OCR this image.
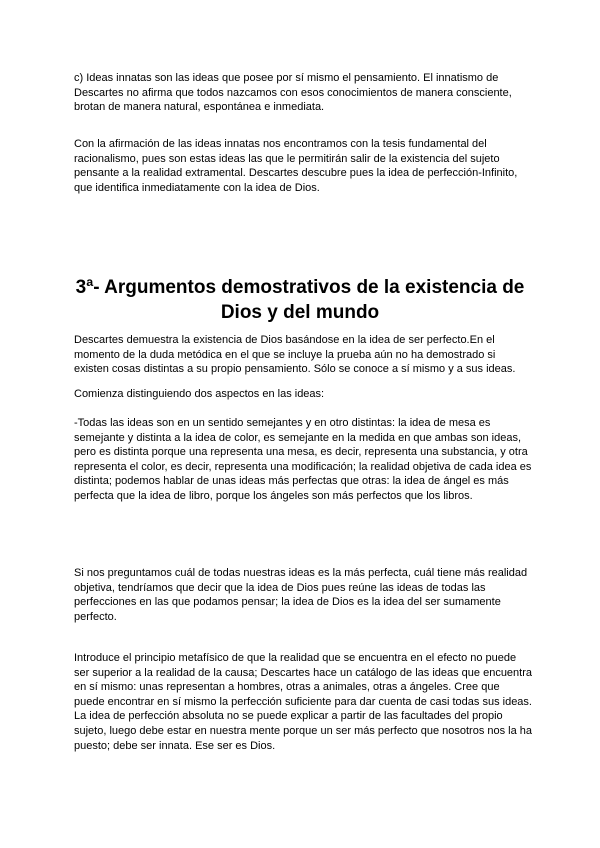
c) Ideas innatas son las ideas que posee por sí mismo el pensamiento. El innatismo de Descartes no afirma que todos nazcamos con esos conocimientos de manera consciente, brotan de manera natural, espontánea e inmediata.

Con la afirmación de las ideas innatas nos encontramos con la tesis fundamental del racionalismo, pues son estas ideas las que le permitirán salir de la existencia del sujeto pensante a la realidad extramental. Descartes descubre pues la idea de perfección-Infinito, que identifica inmediatamente con la idea de Dios.

3ª- Argumentos demostrativos de la existencia de Dios y del mundo

Descartes demuestra la existencia de Dios basándose en la idea de ser perfecto.En el momento de la duda metódica en el que se incluye la prueba aún no ha demostrado si existen cosas distintas a su propio pensamiento. Sólo se conoce a sí mismo y a sus ideas.

Comienza distinguiendo dos aspectos en las ideas:

-Todas las ideas son en un sentido semejantes y en otro distintas: la idea de mesa es semejante y distinta a la idea de color, es semejante en la medida en que ambas son ideas, pero es distinta porque una representa una mesa, es decir, representa una substancia, y otra representa el color, es decir, representa una modificación; la realidad objetiva de cada idea es distinta; podemos hablar de unas ideas más perfectas que otras: la idea de ángel es más perfecta que la idea de libro, porque los ángeles son más perfectos que los libros.

Si nos preguntamos cuál de todas nuestras ideas es la más perfecta, cuál tiene más realidad objetiva, tendríamos que decir que la idea de Dios pues reúne las ideas de todas las perfecciones en las que podamos pensar; la idea de Dios es la idea del ser sumamente perfecto.

Introduce el principio metafísico de que la realidad que se encuentra en el efecto no puede ser superior a la realidad de la causa; Descartes hace un catálogo de las ideas que encuentra en sí mismo: unas representan a hombres, otras a animales, otras a ángeles. Cree que puede encontrar en sí mismo la perfección suficiente para dar cuenta de casi todas sus ideas. La idea de perfección absoluta no se puede explicar a partir de las facultades del propio sujeto, luego debe estar en nuestra mente porque un ser más perfecto que nosotros nos la ha puesto; debe ser innata. Ese ser es Dios.
